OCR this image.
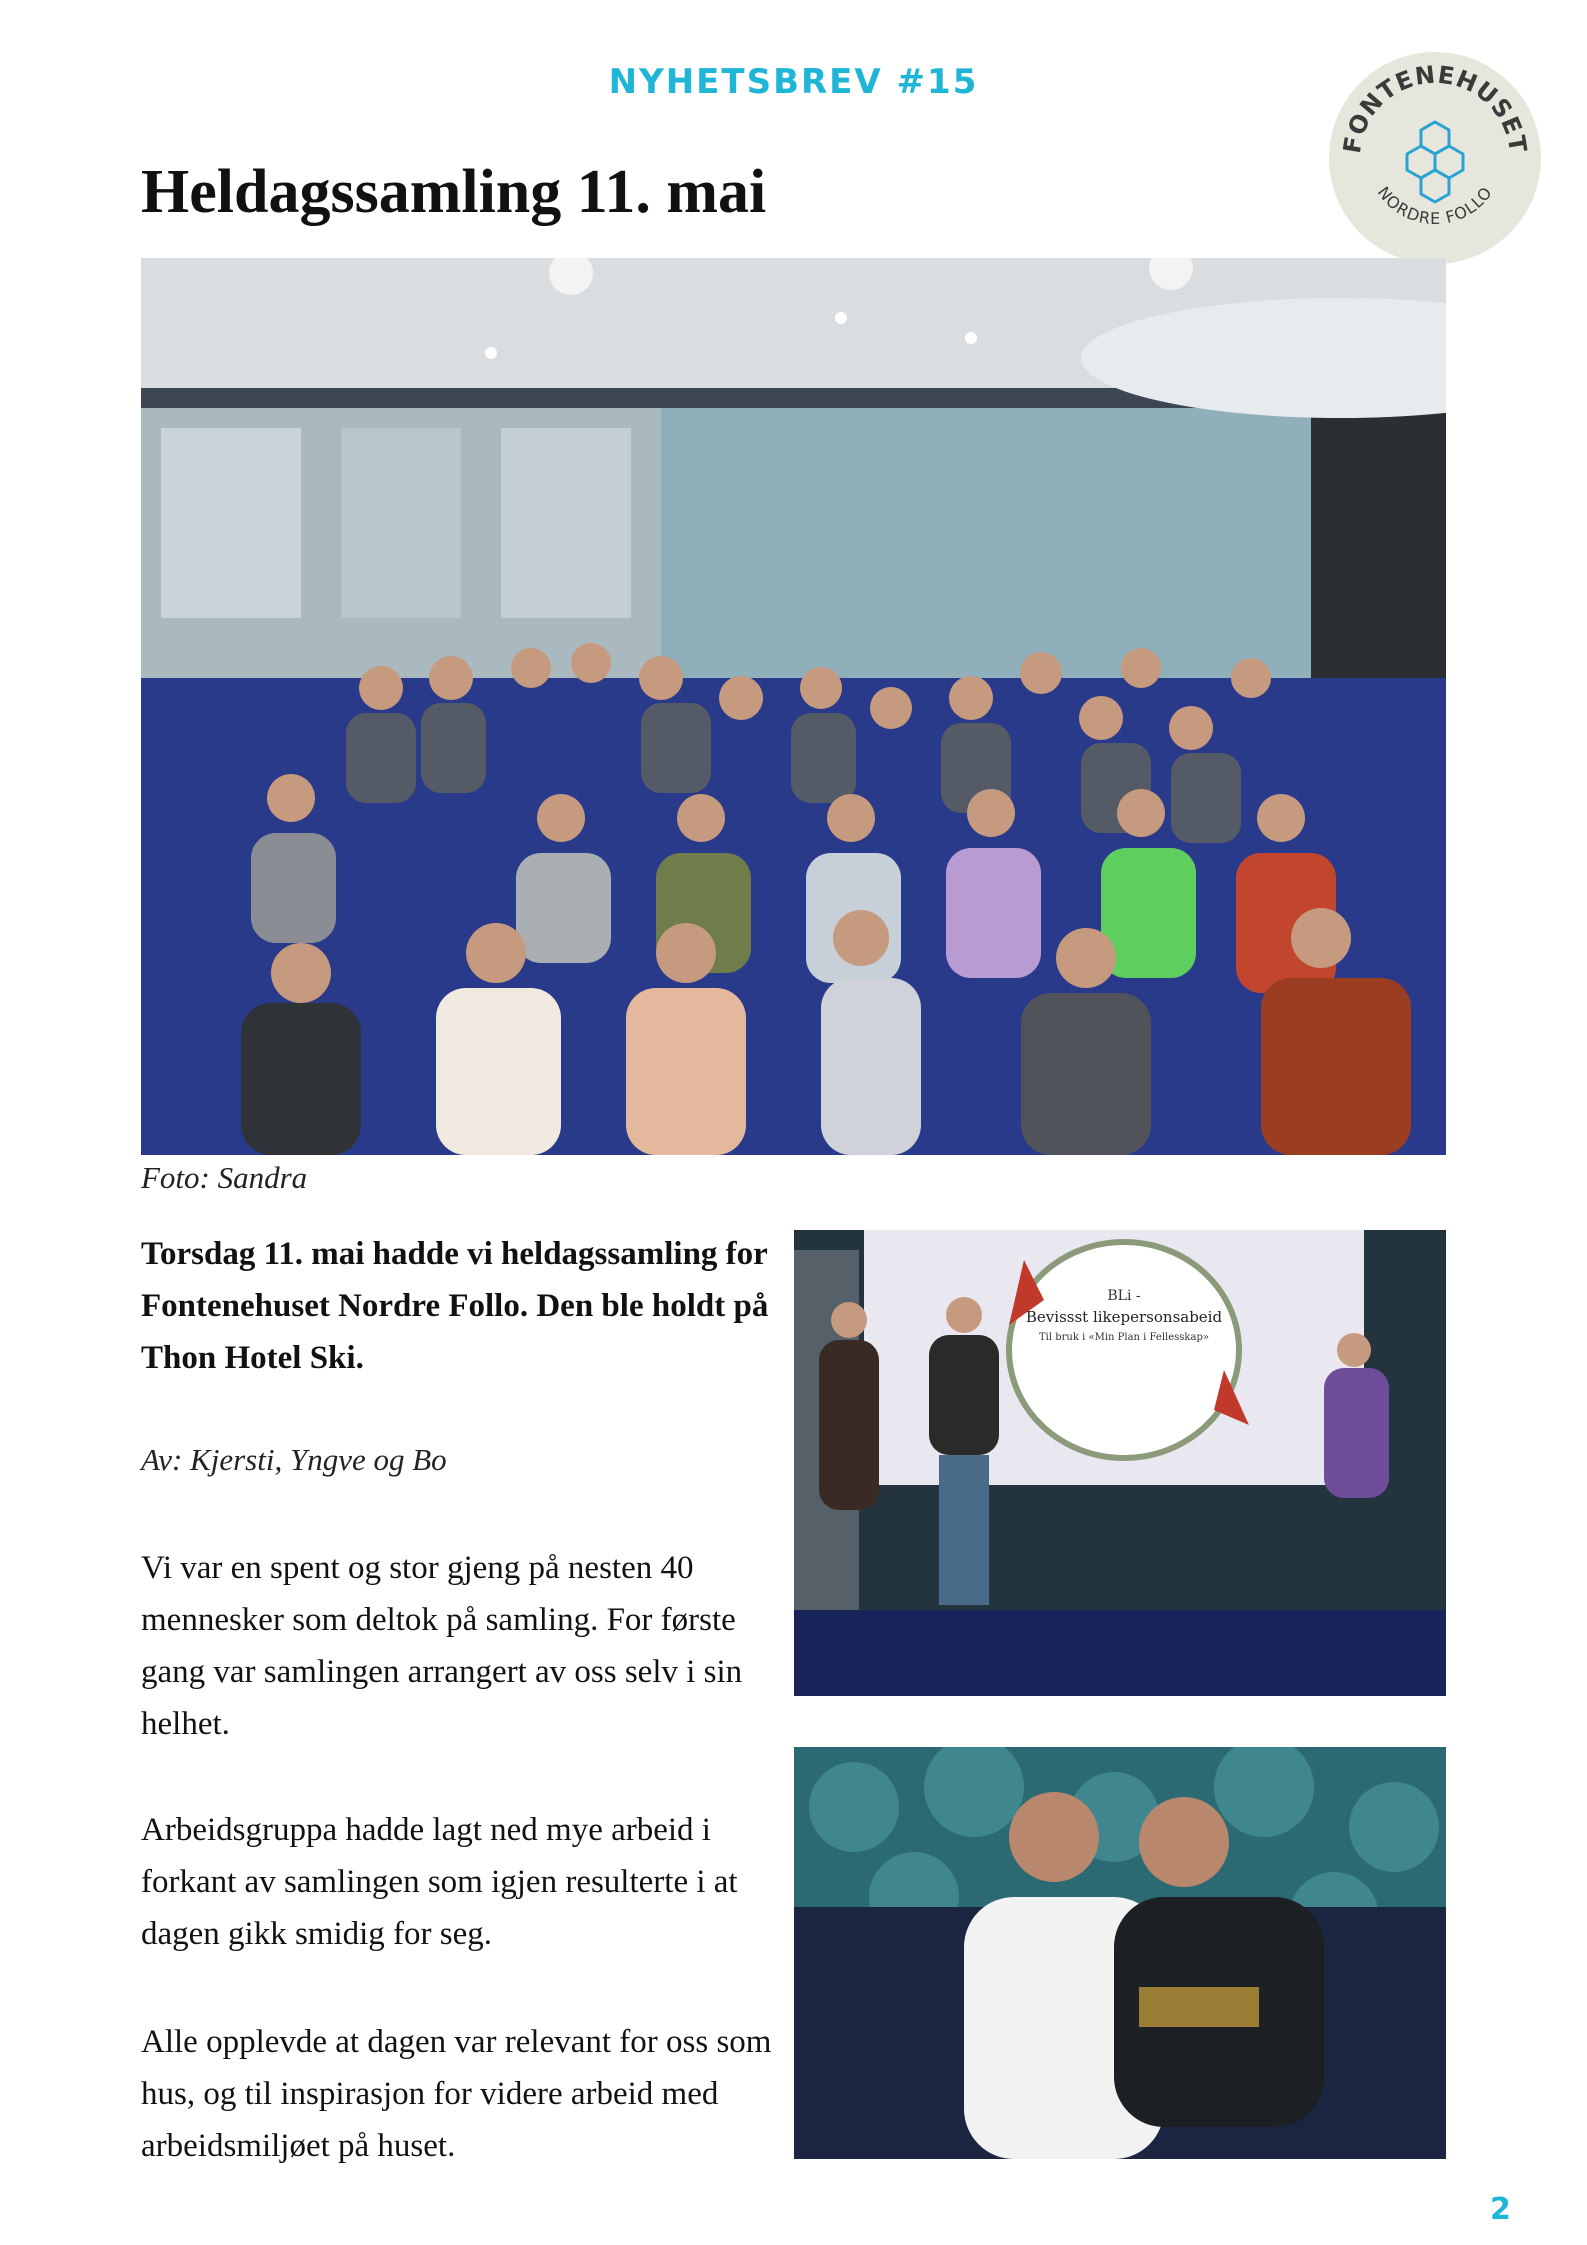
NYHETSBREV #15
FONTENEHUSET
NORDRE FOLLO
Heldagssamling 11. mai
Foto: Sandra

Torsdag 11. mai hadde vi heldagssamling for Fontenehuset Nordre Follo. Den ble holdt på Thon Hotel Ski.

Av: Kjersti, Yngve og Bo

Vi var en spent og stor gjeng på nesten 40 mennesker som deltok på samling. For første gang var samlingen arrangert av oss selv i sin helhet.

Arbeidsgruppa hadde lagt ned mye arbeid i forkant av samlingen som igjen resulterte i at dagen gikk smidig for seg.

Alle opplevde at dagen var relevant for oss som hus, og til inspirasjon for videre arbeid med arbeidsmiljøet på huset.

BLi -
Bevissst likepersonsabeid
Til bruk i «Min Plan i Fellesskap»
2
